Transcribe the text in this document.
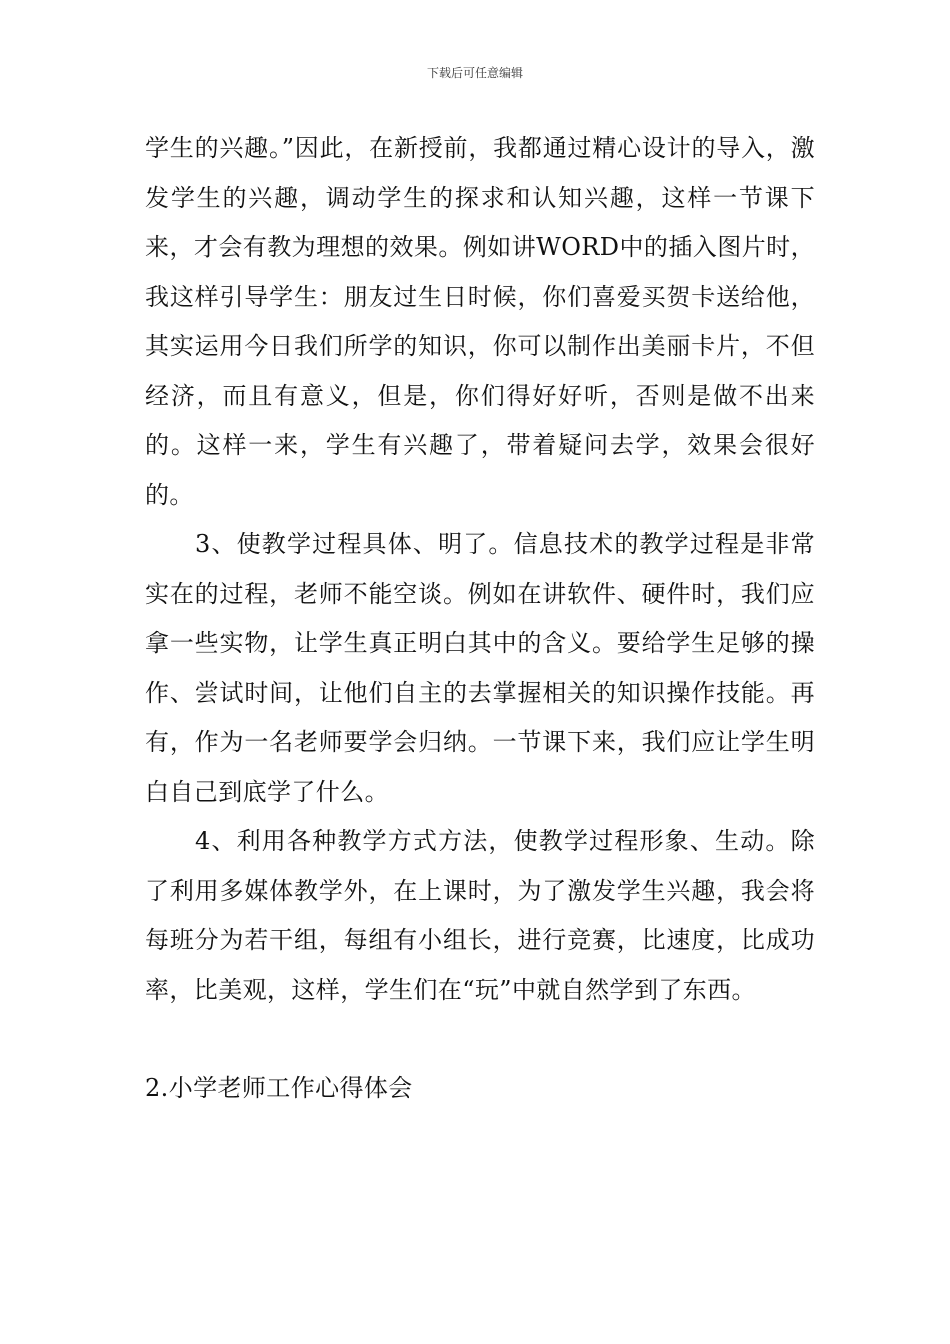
下载后可任意编辑

学生的兴趣。”因此，在新授前，我都通过精心设计的导入，激发学生的兴趣，调动学生的探求和认知兴趣，这样一节课下来，才会有教为理想的效果。例如讲WORD中的插入图片时，我这样引导学生：朋友过生日时候，你们喜爱买贺卡送给他，其实运用今日我们所学的知识，你可以制作出美丽卡片，不但经济，而且有意义，但是，你们得好好听，否则是做不出来的。这样一来，学生有兴趣了，带着疑问去学，效果会很好的。

3、使教学过程具体、明了。信息技术的教学过程是非常实在的过程，老师不能空谈。例如在讲软件、硬件时，我们应拿一些实物，让学生真正明白其中的含义。要给学生足够的操作、尝试时间，让他们自主的去掌握相关的知识操作技能。再有，作为一名老师要学会归纳。一节课下来，我们应让学生明白自己到底学了什么。

4、利用各种教学方式方法，使教学过程形象、生动。除了利用多媒体教学外，在上课时，为了激发学生兴趣，我会将每班分为若干组，每组有小组长，进行竞赛，比速度，比成功率，比美观，这样，学生们在“玩”中就自然学到了东西。

2.小学老师工作心得体会
